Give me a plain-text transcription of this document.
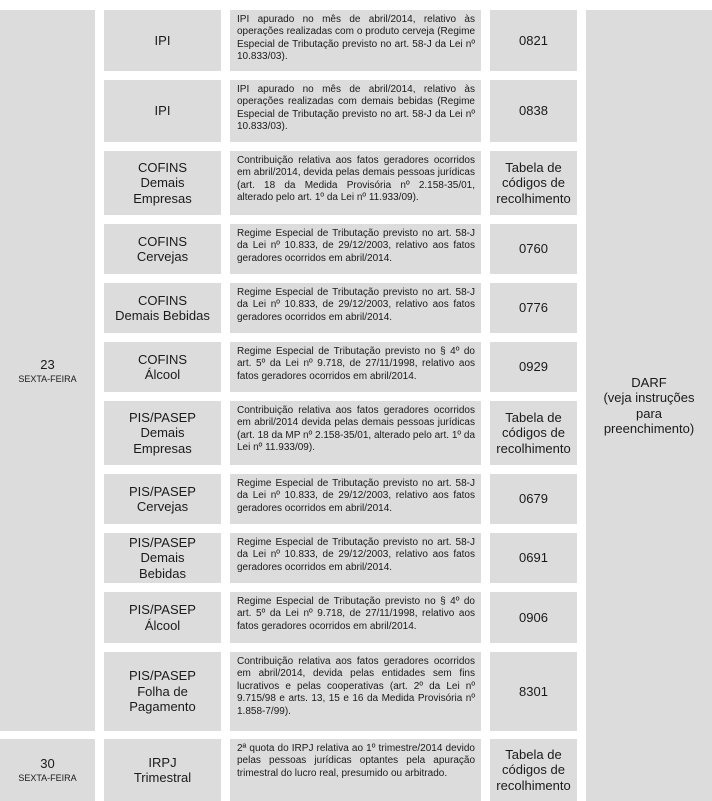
23
SEXTA-FEIRA
30
SEXTA-FEIRA
IPI
IPI apurado no mês de abril/2014, relativo às operações realizadas com o produto cerveja (Regime Especial de Tributação previsto no art. 58-J da Lei nº 10.833/03).
0821
IPI
IPI apurado no mês de abril/2014, relativo às operações realizadas com demais bebidas (Regime Especial de Tributação previsto no art. 58-J da Lei nº 10.833/03).
0838
COFINS
Demais
Empresas
Contribuição relativa aos fatos geradores ocorridos em abril/2014, devida pelas demais pessoas jurídicas (art. 18 da Medida Provisória nº 2.158-35/01, alterado pelo art. 1º da Lei nº 11.933/09).
Tabela de
códigos de
recolhimento
COFINS
Cervejas
Regime Especial de Tributação previsto no art. 58-J da Lei nº 10.833, de 29/12/2003, relativo aos fatos geradores ocorridos em abril/2014.
0760
COFINS
Demais Bebidas
Regime Especial de Tributação previsto no art. 58-J da Lei nº 10.833, de 29/12/2003, relativo aos fatos geradores ocorridos em abril/2014.
0776
COFINS
Álcool
Regime Especial de Tributação previsto no § 4º do art. 5º da Lei nº 9.718, de 27/11/1998, relativo aos fatos geradores ocorridos em abril/2014.
0929
PIS/PASEP
Demais
Empresas
Contribuição relativa aos fatos geradores ocorridos em abril/2014 devida pelas demais pessoas jurídicas (art. 18 da MP nº 2.158-35/01, alterado pelo art. 1º da Lei nº 11.933/09).
Tabela de
códigos de
recolhimento
PIS/PASEP
Cervejas
Regime Especial de Tributação previsto no art. 58-J da Lei nº 10.833, de 29/12/2003, relativo aos fatos geradores ocorridos em abril/2014.
0679
PIS/PASEP
Demais
Bebidas
Regime Especial de Tributação previsto no art. 58-J da Lei nº 10.833, de 29/12/2003, relativo aos fatos geradores ocorridos em abril/2014.
0691
PIS/PASEP
Álcool
Regime Especial de Tributação previsto no § 4º do art. 5º da Lei nº 9.718, de 27/11/1998, relativo aos fatos geradores ocorridos em abril/2014.
0906
PIS/PASEP
Folha de
Pagamento
Contribuição relativa aos fatos geradores ocorridos em abril/2014, devida pelas entidades sem fins lucrativos e pelas cooperativas (art. 2º da Lei nº 9.715/98 e arts. 13, 15 e 16 da Medida Provisória nº 1.858-7/99).
8301
IRPJ
Trimestral
2ª quota do IRPJ relativa ao 1º trimestre/2014 devido pelas pessoas jurídicas optantes pela apuração trimestral do lucro real, presumido ou arbitrado.
Tabela de
códigos de
recolhimento
DARF
(veja instruções para preenchimento)
